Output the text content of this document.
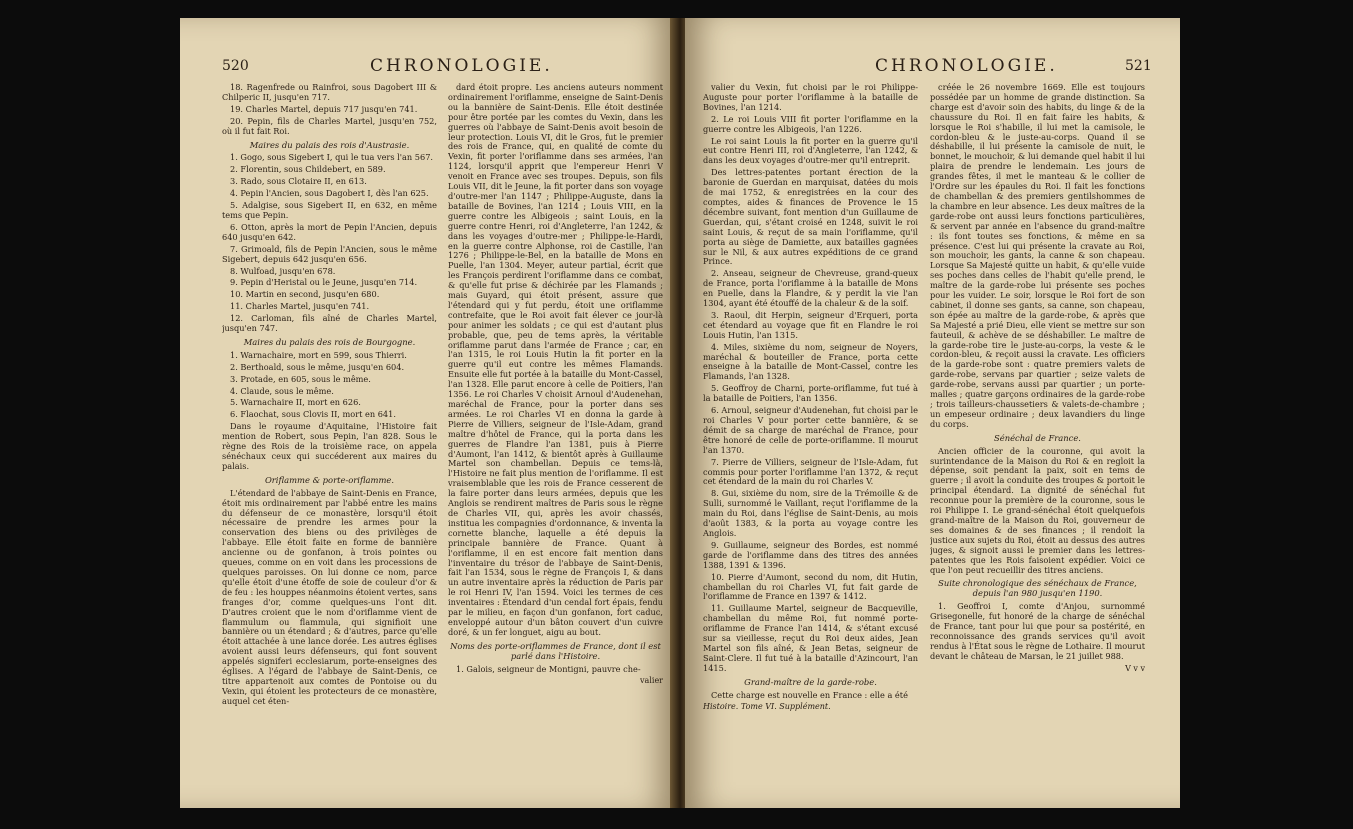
520	CHRONOLOGIE.

18. Ragenfrede ou Rainfroi, sous Dagobert III & Chilperic II, jusqu'en 717.

19. Charles Martel, depuis 717 jusqu'en 741.

20. Pepin, fils de Charles Martel, jusqu'en 752, où il fut fait Roi.

Maires du palais des rois d'Austrasie.

1. Gogo, sous Sigebert I, qui le tua vers l'an 567.

2. Florentin, sous Childebert, en 589.

3. Rado, sous Clotaire II, en 613.

4. Pepin l'Ancien, sous Dagobert I, dès l'an 625.

5. Adalgise, sous Sigebert II, en 632, en même tems que Pepin.

6. Otton, après la mort de Pepin l'Ancien, depuis 640 jusqu'en 642.

7. Grimoald, fils de Pepin l'Ancien, sous le même Sigebert, depuis 642 jusqu'en 656.

8. Wulfoad, jusqu'en 678.

9. Pepin d'Heristal ou le Jeune, jusqu'en 714.

10. Martin en second, jusqu'en 680.

11. Charles Martel, jusqu'en 741.

12. Carloman, fils aîné de Charles Martel, jusqu'en 747.

Maires du palais des rois de Bourgogne.

1. Warnachaire, mort en 599, sous Thierri.

2. Berthoald, sous le même, jusqu'en 604.

3. Protade, en 605, sous le même.

4. Claude, sous le même.

5. Warnachaire II, mort en 626.

6. Flaochat, sous Clovis II, mort en 641.

Dans le royaume d'Aquitaine, l'Histoire fait mention de Robert, sous Pepin, l'an 828. Sous le règne des Rois de la troisième race, on appela sénéchaux ceux qui succéderent aux maires du palais.

Oriflamme & porte-oriflamme.

L'étendard de l'abbaye de Saint-Denis en France, étoit mis ordinairement par l'abbé entre les mains du défenseur de ce monastère, lorsqu'il étoit nécessaire de prendre les armes pour la conservation des biens ou des privilèges de l'abbaye. Elle étoit faite en forme de bannière ancienne ou de gonfanon, à trois pointes ou queues, comme on en voit dans les processions de quelques paroisses. On lui donne ce nom, parce qu'elle étoit d'une étoffe de soie de couleur d'or & de feu : les houppes néanmoins étoient vertes, sans franges d'or, comme quelques-uns l'ont dit. D'autres croient que le nom d'oriflamme vient de flammulum ou flammula, qui signifioit une bannière ou un étendard ; & d'autres, parce qu'elle étoit attachée à une lance dorée. Les autres églises avoient aussi leurs défenseurs, qui font souvent appelés signiferi ecclesiarum, porte-enseignes des églises. A l'égard de l'abbaye de Saint-Denis, ce titre appartenoit aux comtes de Pontoise ou du Vexin, qui étoient les protecteurs de ce monastère, auquel cet éten-

dard étoit propre. Les anciens auteurs nomment ordinairement l'oriflamme, enseigne de Saint-Denis ou la bannière de Saint-Denis. Elle étoit destinée pour être portée par les comtes du Vexin, dans les guerres où l'abbaye de Saint-Denis avoit besoin de leur protection. Louis VI, dit le Gros, fut le premier des rois de France, qui, en qualité de comte du Vexin, fit porter l'oriflamme dans ses armées, l'an 1124, lorsqu'il apprit que l'empereur Henri V venoit en France avec ses troupes. Depuis, son fils Louis VII, dit le Jeune, la fit porter dans son voyage d'outre-mer l'an 1147 ; Philippe-Auguste, dans la bataille de Bovines, l'an 1214 ; Louis VIII, en la guerre contre les Albigeois ; saint Louis, en la guerre contre Henri, roi d'Angleterre, l'an 1242, & dans les voyages d'outre-mer ; Philippe-le-Hardi, en la guerre contre Alphonse, roi de Castille, l'an 1276 ; Philippe-le-Bel, en la bataille de Mons en Puelle, l'an 1304. Meyer, auteur partial, écrit que les François perdirent l'oriflamme dans ce combat, & qu'elle fut prise & déchirée par les Flamands ; mais Guyard, qui étoit présent, assure que l'étendard qui y fut perdu, étoit une oriflamme contrefaite, que le Roi avoit fait élever ce jour-là pour animer les soldats ; ce qui est d'autant plus probable, que, peu de tems après, la véritable oriflamme parut dans l'armée de France ; car, en l'an 1315, le roi Louis Hutin la fit porter en la guerre qu'il eut contre les mêmes Flamands. Ensuite elle fut portée à la bataille du Mont-Cassel, l'an 1328. Elle parut encore à celle de Poitiers, l'an 1356. Le roi Charles V choisit Arnoul d'Audenehan, maréchal de France, pour la porter dans ses armées. Le roi Charles VI en donna la garde à Pierre de Villiers, seigneur de l'Isle-Adam, grand maître d'hôtel de France, qui la porta dans les guerres de Flandre l'an 1381, puis à Pierre d'Aumont, l'an 1412, & bientôt après à Guillaume Martel son chambellan. Depuis ce tems-là, l'Histoire ne fait plus mention de l'oriflamme. Il est vraisemblable que les rois de France cesserent de la faire porter dans leurs armées, depuis que les Anglois se rendirent maîtres de Paris sous le règne de Charles VII, qui, après les avoir chassés, institua les compagnies d'ordonnance, & inventa la cornette blanche, laquelle a été depuis la principale bannière de France. Quant à l'oriflamme, il en est encore fait mention dans l'inventaire du trésor de l'abbaye de Saint-Denis, fait l'an 1534, sous le règne de François I, & dans un autre inventaire après la réduction de Paris par le roi Henri IV, l'an 1594. Voici les termes de ces inventaires : Étendard d'un cendal fort épais, fendu par le milieu, en façon d'un gonfanon, fort caduc, enveloppé autour d'un bâton couvert d'un cuivre doré, & un fer longuet, aigu au bout.

Noms des porte-oriflammes de France, dont il est parlé dans l'Histoire.

1. Galois, seigneur de Montigni, pauvre che-

valier
CHRONOLOGIE.	521

valier du Vexin, fut choisi par le roi Philippe-Auguste pour porter l'oriflamme à la bataille de Bovines, l'an 1214.

2. Le roi Louis VIII fit porter l'oriflamme en la guerre contre les Albigeois, l'an 1226.

Le roi saint Louis la fit porter en la guerre qu'il eut contre Henri III, roi d'Angleterre, l'an 1242, & dans les deux voyages d'outre-mer qu'il entreprit.

Des lettres-patentes portant érection de la baronie de Guerdan en marquisat, datées du mois de mai 1752, & enregistrées en la cour des comptes, aides & finances de Provence le 15 décembre suivant, font mention d'un Guillaume de Guerdan, qui, s'étant croisé en 1248, suivit le roi saint Louis, & reçut de sa main l'oriflamme, qu'il porta au siège de Damiette, aux batailles gagnées sur le Nil, & aux autres expéditions de ce grand Prince.

2. Anseau, seigneur de Chevreuse, grand-queux de France, porta l'oriflamme à la bataille de Mons en Puelle, dans la Flandre, & y perdit la vie l'an 1304, ayant été étouffé de la chaleur & de la soif.

3. Raoul, dit Herpin, seigneur d'Erqueri, porta cet étendard au voyage que fit en Flandre le roi Louis Hutin, l'an 1315.

4. Miles, sixième du nom, seigneur de Noyers, maréchal & bouteiller de France, porta cette enseigne à la bataille de Mont-Cassel, contre les Flamands, l'an 1328.

5. Geoffroy de Charni, porte-oriflamme, fut tué à la bataille de Poitiers, l'an 1356.

6. Arnoul, seigneur d'Audenehan, fut choisi par le roi Charles V pour porter cette bannière, & se démit de sa charge de maréchal de France, pour être honoré de celle de porte-oriflamme. Il mourut l'an 1370.

7. Pierre de Villiers, seigneur de l'Isle-Adam, fut commis pour porter l'oriflamme l'an 1372, & reçut cet étendard de la main du roi Charles V.

8. Gui, sixième du nom, sire de la Trémoille & de Sulli, surnommé le Vaillant, reçut l'oriflamme de la main du Roi, dans l'église de Saint-Denis, au mois d'août 1383, & la porta au voyage contre les Anglois.

9. Guillaume, seigneur des Bordes, est nommé garde de l'oriflamme dans des titres des années 1388, 1391 & 1396.

10. Pierre d'Aumont, second du nom, dit Hutin, chambellan du roi Charles VI, fut fait garde de l'oriflamme de France en 1397 & 1412.

11. Guillaume Martel, seigneur de Bacqueville, chambellan du même Roi, fut nommé porte-oriflamme de France l'an 1414, & s'étant excusé sur sa vieillesse, reçut du Roi deux aides, Jean Martel son fils aîné, & Jean Betas, seigneur de Saint-Clere. Il fut tué à la bataille d'Azincourt, l'an 1415.

Grand-maître de la garde-robe.

Cette charge est nouvelle en France : elle a été

Histoire. Tome VI. Supplément.

créée le 26 novembre 1669. Elle est toujours possédée par un homme de grande distinction. Sa charge est d'avoir soin des habits, du linge & de la chaussure du Roi. Il en fait faire les habits, & lorsque le Roi s'habille, il lui met la camisole, le cordon-bleu & le juste-au-corps. Quand il se déshabille, il lui présente la camisole de nuit, le bonnet, le mouchoir, & lui demande quel habit il lui plaira de prendre le lendemain. Les jours de grandes fêtes, il met le manteau & le collier de l'Ordre sur les épaules du Roi. Il fait les fonctions de chambellan & des premiers gentilshommes de la chambre en leur absence. Les deux maîtres de la garde-robe ont aussi leurs fonctions particulières, & servent par année en l'absence du grand-maître : ils font toutes ses fonctions, & même en sa présence. C'est lui qui présente la cravate au Roi, son mouchoir, les gants, la canne & son chapeau. Lorsque Sa Majesté quitte un habit, & qu'elle vuide ses poches dans celles de l'habit qu'elle prend, le maître de la garde-robe lui présente ses poches pour les vuider. Le soir, lorsque le Roi fort de son cabinet, il donne ses gants, sa canne, son chapeau, son épée au maître de la garde-robe, & après que Sa Majesté a prié Dieu, elle vient se mettre sur son fauteuil, & achève de se déshabiller. Le maître de la garde-robe tire le juste-au-corps, la veste & le cordon-bleu, & reçoit aussi la cravate. Les officiers de la garde-robe sont : quatre premiers valets de garde-robe, servans par quartier ; seize valets de garde-robe, servans aussi par quartier ; un porte-malles ; quatre garçons ordinaires de la garde-robe ; trois tailleurs-chaussetiers & valets-de-chambre ; un empeseur ordinaire ; deux lavandiers du linge du corps.

Sénéchal de France.

Ancien officier de la couronne, qui avoit la surintendance de la Maison du Roi & en regloit la dépense, soit pendant la paix, soit en tems de guerre ; il avoit la conduite des troupes & portoit le principal étendard. La dignité de sénéchal fut reconnue pour la première de la couronne, sous le roi Philippe I. Le grand-sénéchal étoit quelquefois grand-maître de la Maison du Roi, gouverneur de ses domaines & de ses finances ; il rendoit la justice aux sujets du Roi, étoit au dessus des autres juges, & signoit aussi le premier dans les lettres-patentes que les Rois faisoient expédier. Voici ce que l'on peut recueillir des titres anciens.

Suite chronologique des sénéchaux de France, depuis l'an 980 jusqu'en 1190.

1. Geoffroi I, comte d'Anjou, surnommé Grisegonelle, fut honoré de la charge de sénéchal de France, tant pour lui que pour sa postérité, en reconnoissance des grands services qu'il avoit rendus à l'État sous le règne de Lothaire. Il mourut devant le château de Marsan, le 21 juillet 988.

V v v
